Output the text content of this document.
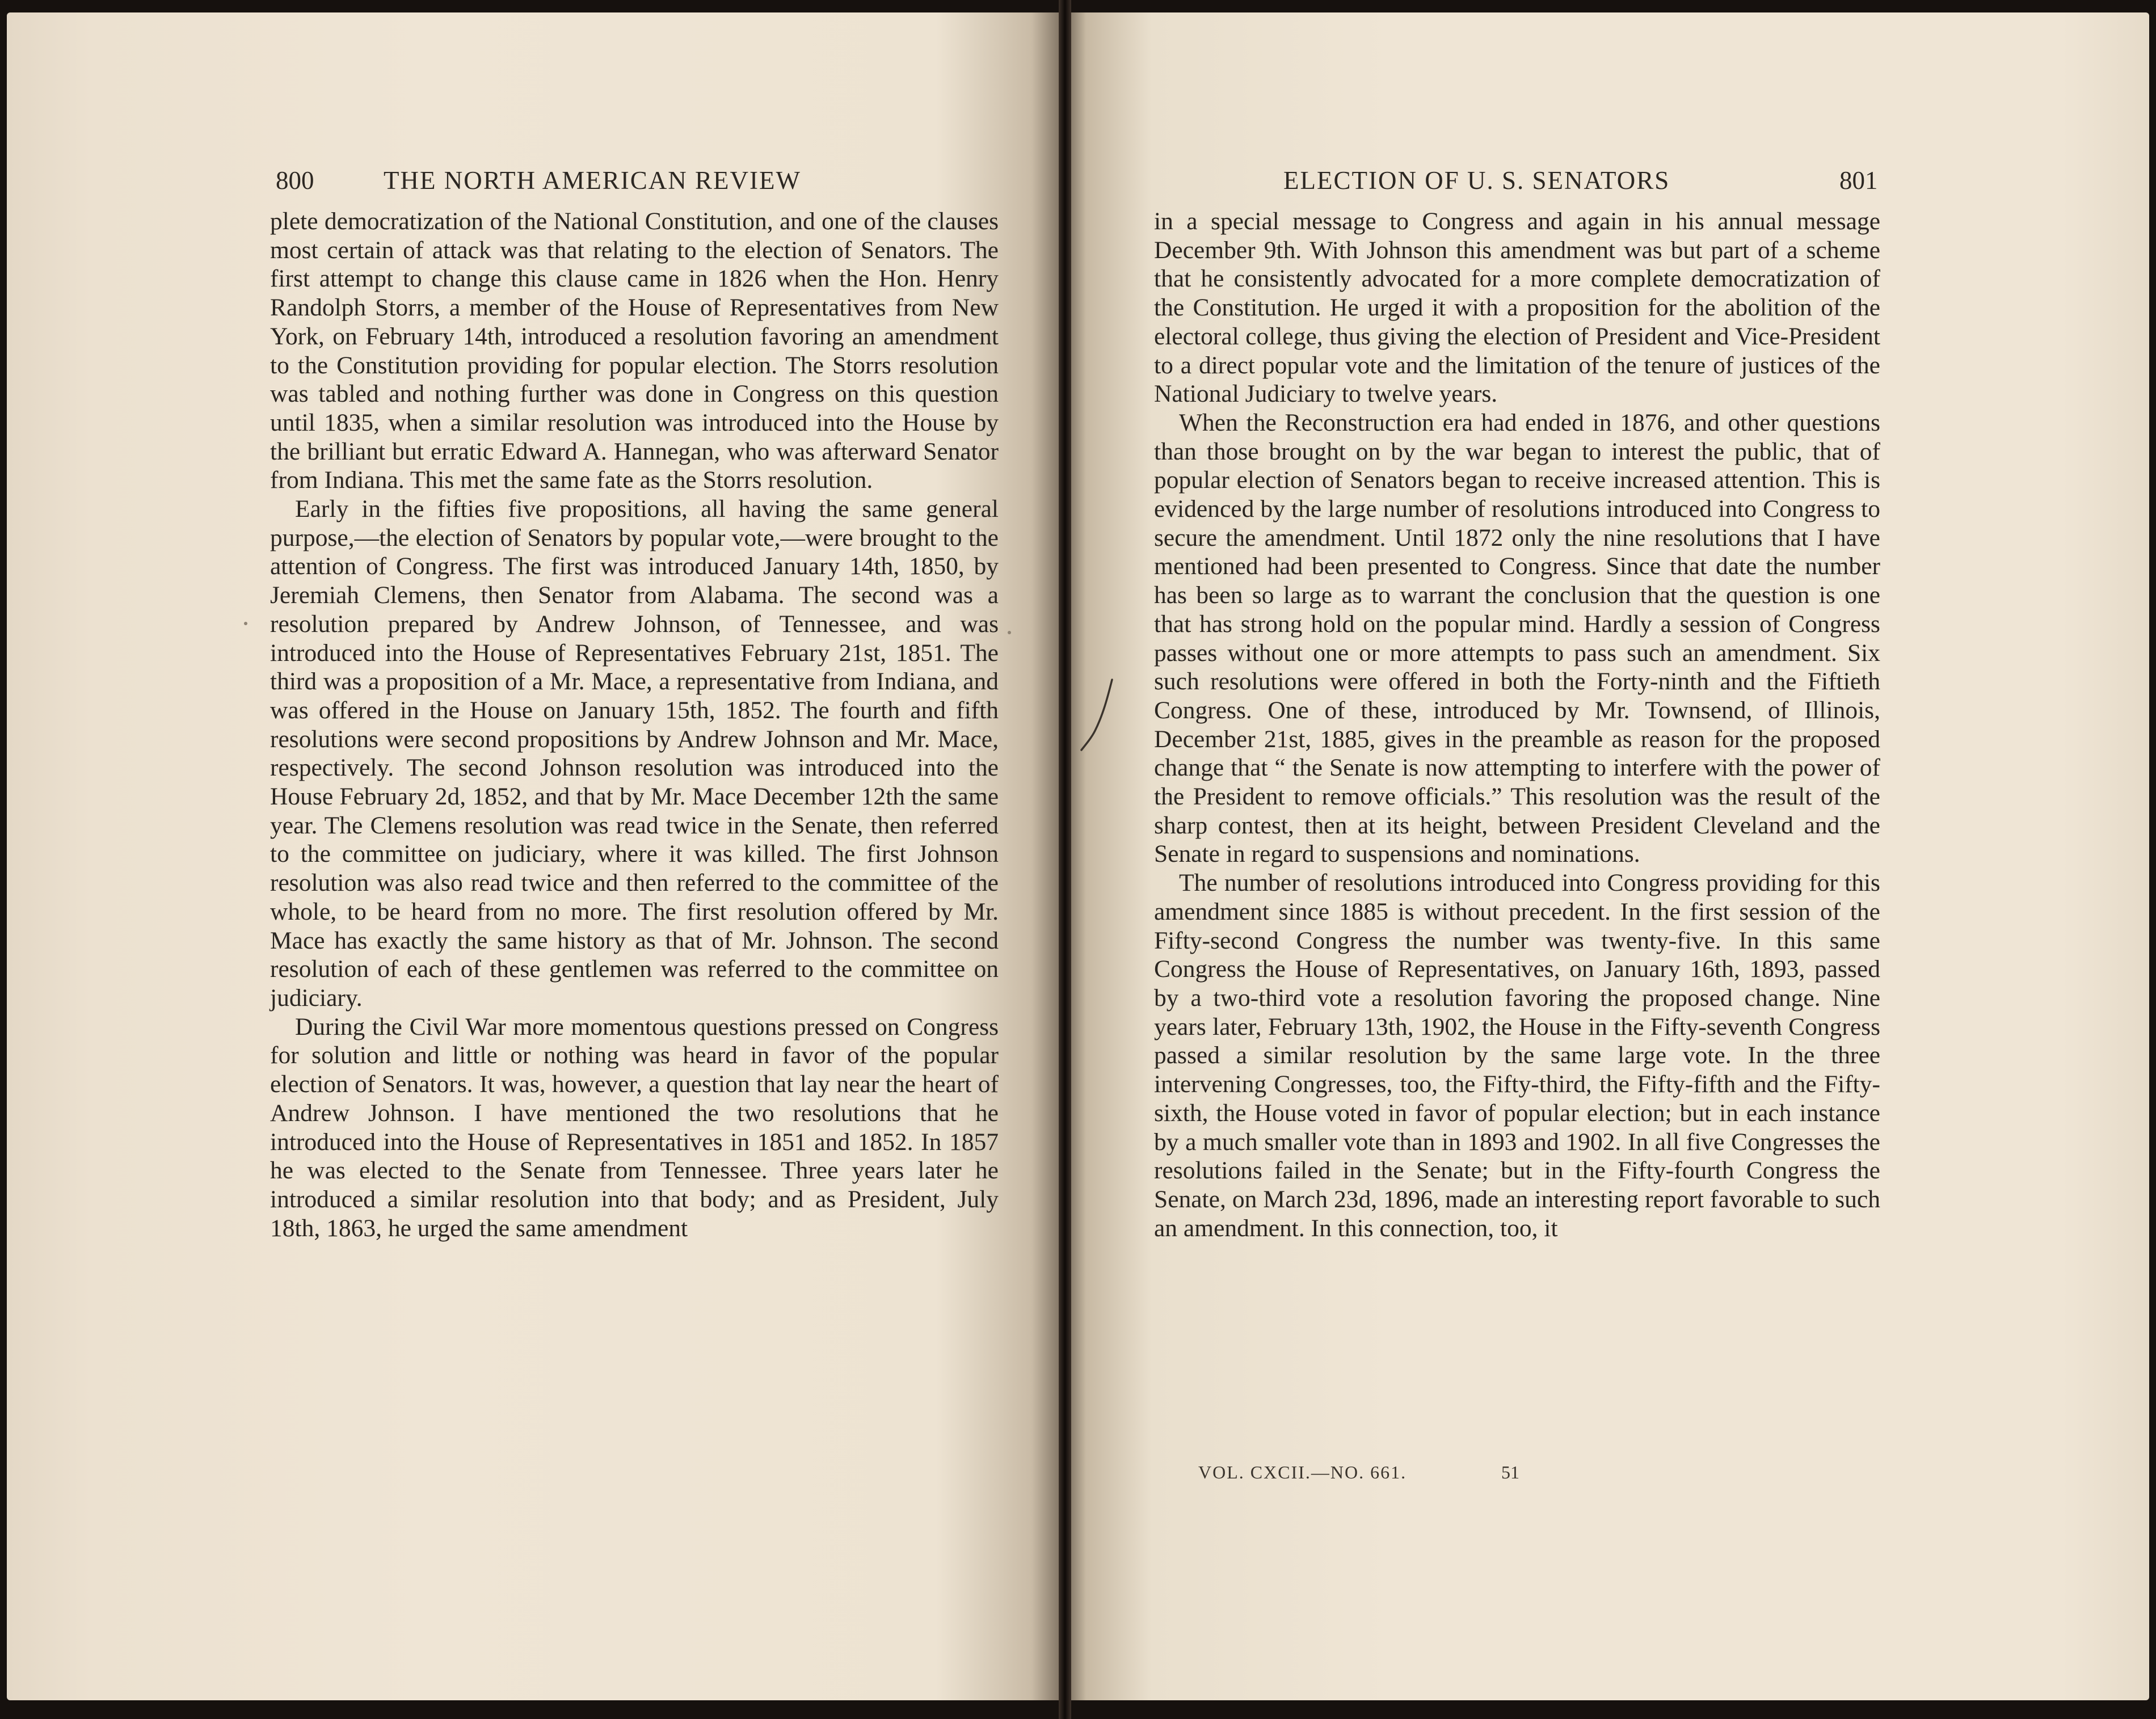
800	THE NORTH AMERICAN REVIEW

plete democratization of the National Constitution, and one of the clauses most certain of attack was that relating to the election of Senators. The first attempt to change this clause came in 1826 when the Hon. Henry Randolph Storrs, a member of the House of Representatives from New York, on February 14th, introduced a resolution favoring an amendment to the Constitution providing for popular election. The Storrs resolution was tabled and nothing further was done in Congress on this question until 1835, when a similar resolution was introduced into the House by the brilliant but erratic Edward A. Hannegan, who was afterward Senator from Indiana. This met the same fate as the Storrs resolution.

Early in the fifties five propositions, all having the same general purpose,—the election of Senators by popular vote,—were brought to the attention of Congress. The first was introduced January 14th, 1850, by Jeremiah Clemens, then Senator from Alabama. The second was a resolution prepared by Andrew Johnson, of Tennessee, and was introduced into the House of Representatives February 21st, 1851. The third was a proposition of a Mr. Mace, a representative from Indiana, and was offered in the House on January 15th, 1852. The fourth and fifth resolutions were second propositions by Andrew Johnson and Mr. Mace, respectively. The second Johnson resolution was introduced into the House February 2d, 1852, and that by Mr. Mace December 12th the same year. The Clemens resolution was read twice in the Senate, then referred to the committee on judiciary, where it was killed. The first Johnson resolution was also read twice and then referred to the committee of the whole, to be heard from no more. The first resolution offered by Mr. Mace has exactly the same history as that of Mr. Johnson. The second resolution of each of these gentlemen was referred to the committee on judiciary.

During the Civil War more momentous questions pressed on Congress for solution and little or nothing was heard in favor of the popular election of Senators. It was, however, a question that lay near the heart of Andrew Johnson. I have mentioned the two resolutions that he introduced into the House of Representatives in 1851 and 1852. In 1857 he was elected to the Senate from Tennessee. Three years later he introduced a similar resolution into that body; and as President, July 18th, 1863, he urged the same amendment

ELECTION OF U. S. SENATORS	801

in a special message to Congress and again in his annual message December 9th. With Johnson this amendment was but part of a scheme that he consistently advocated for a more complete democratization of the Constitution. He urged it with a proposition for the abolition of the electoral college, thus giving the election of President and Vice-President to a direct popular vote and the limitation of the tenure of justices of the National Judiciary to twelve years.

When the Reconstruction era had ended in 1876, and other questions than those brought on by the war began to interest the public, that of popular election of Senators began to receive increased attention. This is evidenced by the large number of resolutions introduced into Congress to secure the amendment. Until 1872 only the nine resolutions that I have mentioned had been presented to Congress. Since that date the number has been so large as to warrant the conclusion that the question is one that has strong hold on the popular mind. Hardly a session of Congress passes without one or more attempts to pass such an amendment. Six such resolutions were offered in both the Forty-ninth and the Fiftieth Congress. One of these, introduced by Mr. Townsend, of Illinois, December 21st, 1885, gives in the preamble as reason for the proposed change that “ the Senate is now attempting to interfere with the power of the President to remove officials.” This resolution was the result of the sharp contest, then at its height, between President Cleveland and the Senate in regard to suspensions and nominations.

The number of resolutions introduced into Congress providing for this amendment since 1885 is without precedent. In the first session of the Fifty-second Congress the number was twenty-five. In this same Congress the House of Representatives, on January 16th, 1893, passed by a two-third vote a resolution favoring the proposed change. Nine years later, February 13th, 1902, the House in the Fifty-seventh Congress passed a similar resolution by the same large vote. In the three intervening Congresses, too, the Fifty-third, the Fifty-fifth and the Fifty-sixth, the House voted in favor of popular election; but in each instance by a much smaller vote than in 1893 and 1902. In all five Congresses the resolutions failed in the Senate; but in the Fifty-fourth Congress the Senate, on March 23d, 1896, made an interesting report favorable to such an amendment. In this connection, too, it

VOL. CXCII.—NO. 661.	51
